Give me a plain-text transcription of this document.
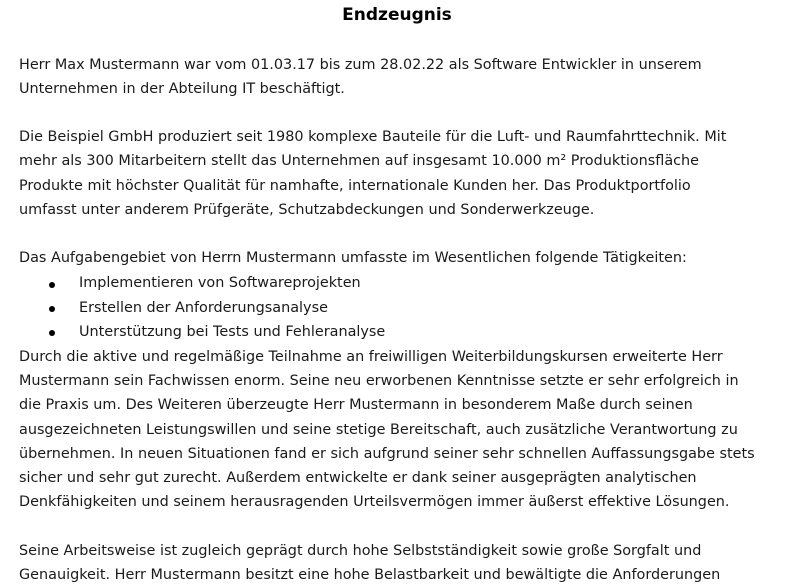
Endzeugnis
Herr Max Mustermann war vom 01.03.17 bis zum 28.02.22 als Software Entwickler in unserem
Unternehmen in der Abteilung IT beschäftigt.
Die Beispiel GmbH produziert seit 1980 komplexe Bauteile für die Luft- und Raumfahrttechnik. Mit
mehr als 300 Mitarbeitern stellt das Unternehmen auf insgesamt 10.000 m² Produktionsfläche
Produkte mit höchster Qualität für namhafte, internationale Kunden her. Das Produktportfolio
umfasst unter anderem Prüfgeräte, Schutzabdeckungen und Sonderwerkzeuge.
Das Aufgabengebiet von Herrn Mustermann umfasste im Wesentlichen folgende Tätigkeiten:
Implementieren von Softwareprojekten
Erstellen der Anforderungsanalyse
Unterstützung bei Tests und Fehleranalyse
Durch die aktive und regelmäßige Teilnahme an freiwilligen Weiterbildungskursen erweiterte Herr
Mustermann sein Fachwissen enorm. Seine neu erworbenen Kenntnisse setzte er sehr erfolgreich in
die Praxis um. Des Weiteren überzeugte Herr Mustermann in besonderem Maße durch seinen
ausgezeichneten Leistungswillen und seine stetige Bereitschaft, auch zusätzliche Verantwortung zu
übernehmen. In neuen Situationen fand er sich aufgrund seiner sehr schnellen Auffassungsgabe stets
sicher und sehr gut zurecht. Außerdem entwickelte er dank seiner ausgeprägten analytischen
Denkfähigkeiten und seinem herausragenden Urteilsvermögen immer äußerst effektive Lösungen.
Seine Arbeitsweise ist zugleich geprägt durch hohe Selbstständigkeit sowie große Sorgfalt und
Genauigkeit. Herr Mustermann besitzt eine hohe Belastbarkeit und bewältigte die Anforderungen
